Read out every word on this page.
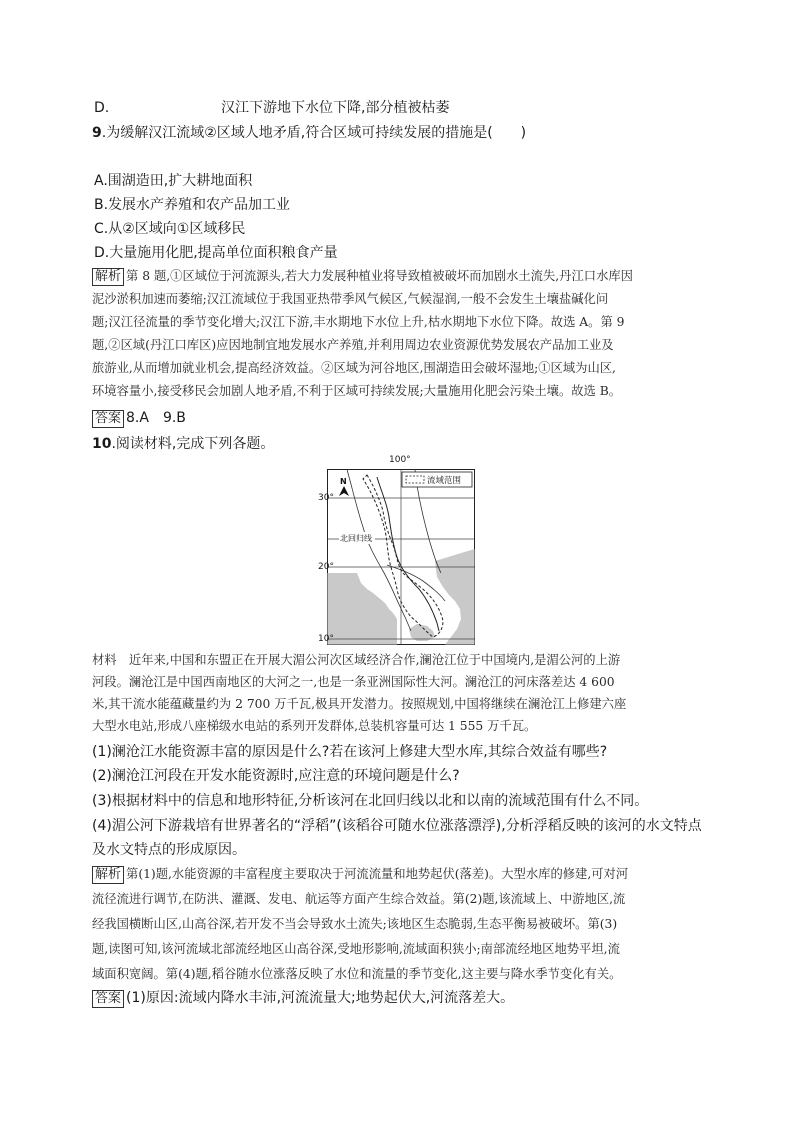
D.	汉江下游地下水位下降,部分植被枯萎
9.为缓解汉江流域②区域人地矛盾,符合区域可持续发展的措施是(　　)
A.围湖造田,扩大耕地面积
B.发展水产养殖和农产品加工业
C.从②区域向①区域移民
D.大量施用化肥,提高单位面积粮食产量
解析 第 8 题,①区域位于河流源头,若大力发展种植业将导致植被破坏而加剧水土流失,丹江口水库因
泥沙淤积加速而萎缩;汉江流域位于我国亚热带季风气候区,气候湿润,一般不会发生土壤盐碱化问
题;汉江径流量的季节变化增大;汉江下游,丰水期地下水位上升,枯水期地下水位下降。故选 A。第 9
题,②区域(丹江口库区)应因地制宜地发展水产养殖,并利用周边农业资源优势发展农产品加工业及
旅游业,从而增加就业机会,提高经济效益。②区域为河谷地区,围湖造田会破坏湿地;①区域为山区,
环境容量小,接受移民会加剧人地矛盾,不利于区域可持续发展;大量施用化肥会污染土壤。故选 B。
答案 8.A　9.B
10.阅读材料,完成下列各题。
流域范围
N
北回归线
100°
30°
20°
10°
材料　近年来,中国和东盟正在开展大湄公河次区域经济合作,澜沧江位于中国境内,是湄公河的上游
河段。澜沧江是中国西南地区的大河之一,也是一条亚洲国际性大河。澜沧江的河床落差达 4 600
米,其干流水能蕴藏量约为 2 700 万千瓦,极具开发潜力。按照规划,中国将继续在澜沧江上修建六座
大型水电站,形成八座梯级水电站的系列开发群体,总装机容量可达 1 555 万千瓦。
(1)澜沧江水能资源丰富的原因是什么?若在该河上修建大型水库,其综合效益有哪些?
(2)澜沧江河段在开发水能资源时,应注意的环境问题是什么?
(3)根据材料中的信息和地形特征,分析该河在北回归线以北和以南的流域范围有什么不同。
(4)湄公河下游栽培有世界著名的“浮稻”(该稻谷可随水位涨落漂浮),分析浮稻反映的该河的水文特点
及水文特点的形成原因。
解析 第(1)题,水能资源的丰富程度主要取决于河流流量和地势起伏(落差)。大型水库的修建,可对河
流径流进行调节,在防洪、灌溉、发电、航运等方面产生综合效益。第(2)题,该流域上、中游地区,流
经我国横断山区,山高谷深,若开发不当会导致水土流失;该地区生态脆弱,生态平衡易被破坏。第(3)
题,读图可知,该河流域北部流经地区山高谷深,受地形影响,流域面积狭小;南部流经地区地势平坦,流
域面积宽阔。第(4)题,稻谷随水位涨落反映了水位和流量的季节变化,这主要与降水季节变化有关。
答案 (1)原因:流域内降水丰沛,河流流量大;地势起伏大,河流落差大。
